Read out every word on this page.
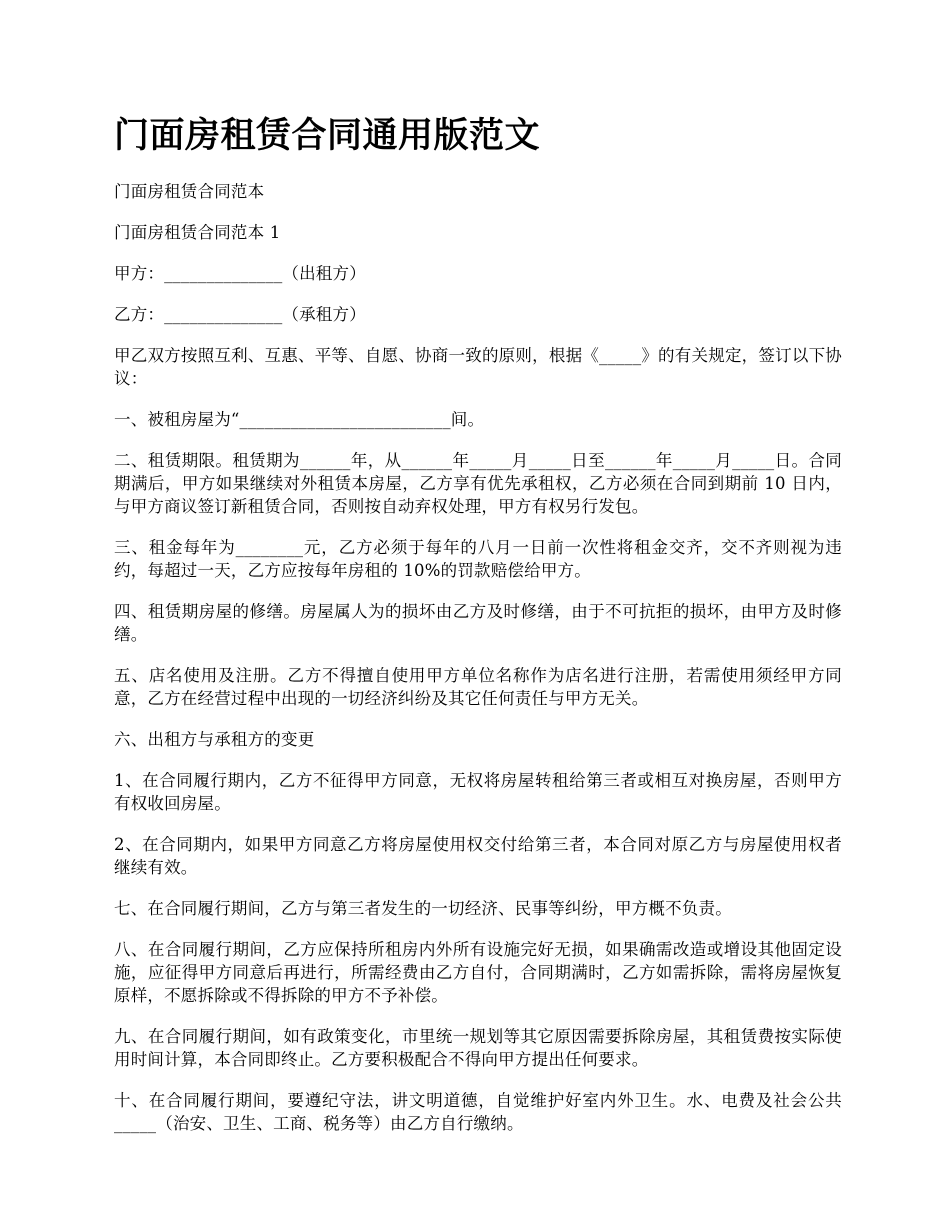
门面房租赁合同通用版范文

门面房租赁合同范本

门面房租赁合同范本 1

甲方：______________（出租方）

乙方：______________（承租方）

甲乙双方按照互利、互惠、平等、自愿、协商一致的原则，根据《_____》的有关规定，签订以下协议：

一、被租房屋为“_________________________间。

二、租赁期限。租赁期为______年，从______年_____月_____日至______年_____月_____日。合同期满后，甲方如果继续对外租赁本房屋，乙方享有优先承租权，乙方必须在合同到期前 10 日内，与甲方商议签订新租赁合同，否则按自动弃权处理，甲方有权另行发包。

三、租金每年为________元，乙方必须于每年的八月一日前一次性将租金交齐，交不齐则视为违约，每超过一天，乙方应按每年房租的 10%的罚款赔偿给甲方。

四、租赁期房屋的修缮。房屋属人为的损坏由乙方及时修缮，由于不可抗拒的损坏，由甲方及时修缮。

五、店名使用及注册。乙方不得擅自使用甲方单位名称作为店名进行注册，若需使用须经甲方同意，乙方在经营过程中出现的一切经济纠纷及其它任何责任与甲方无关。

六、出租方与承租方的变更

1、在合同履行期内，乙方不征得甲方同意，无权将房屋转租给第三者或相互对换房屋，否则甲方有权收回房屋。

2、在合同期内，如果甲方同意乙方将房屋使用权交付给第三者，本合同对原乙方与房屋使用权者继续有效。

七、在合同履行期间，乙方与第三者发生的一切经济、民事等纠纷，甲方概不负责。

八、在合同履行期间，乙方应保持所租房内外所有设施完好无损，如果确需改造或增设其他固定设施，应征得甲方同意后再进行，所需经费由乙方自付，合同期满时，乙方如需拆除，需将房屋恢复原样，不愿拆除或不得拆除的甲方不予补偿。

九、在合同履行期间，如有政策变化，市里统一规划等其它原因需要拆除房屋，其租赁费按实际使用时间计算，本合同即终止。乙方要积极配合不得向甲方提出任何要求。

十、在合同履行期间，要遵纪守法，讲文明道德，自觉维护好室内外卫生。水、电费及社会公共_____（治安、卫生、工商、税务等）由乙方自行缴纳。
